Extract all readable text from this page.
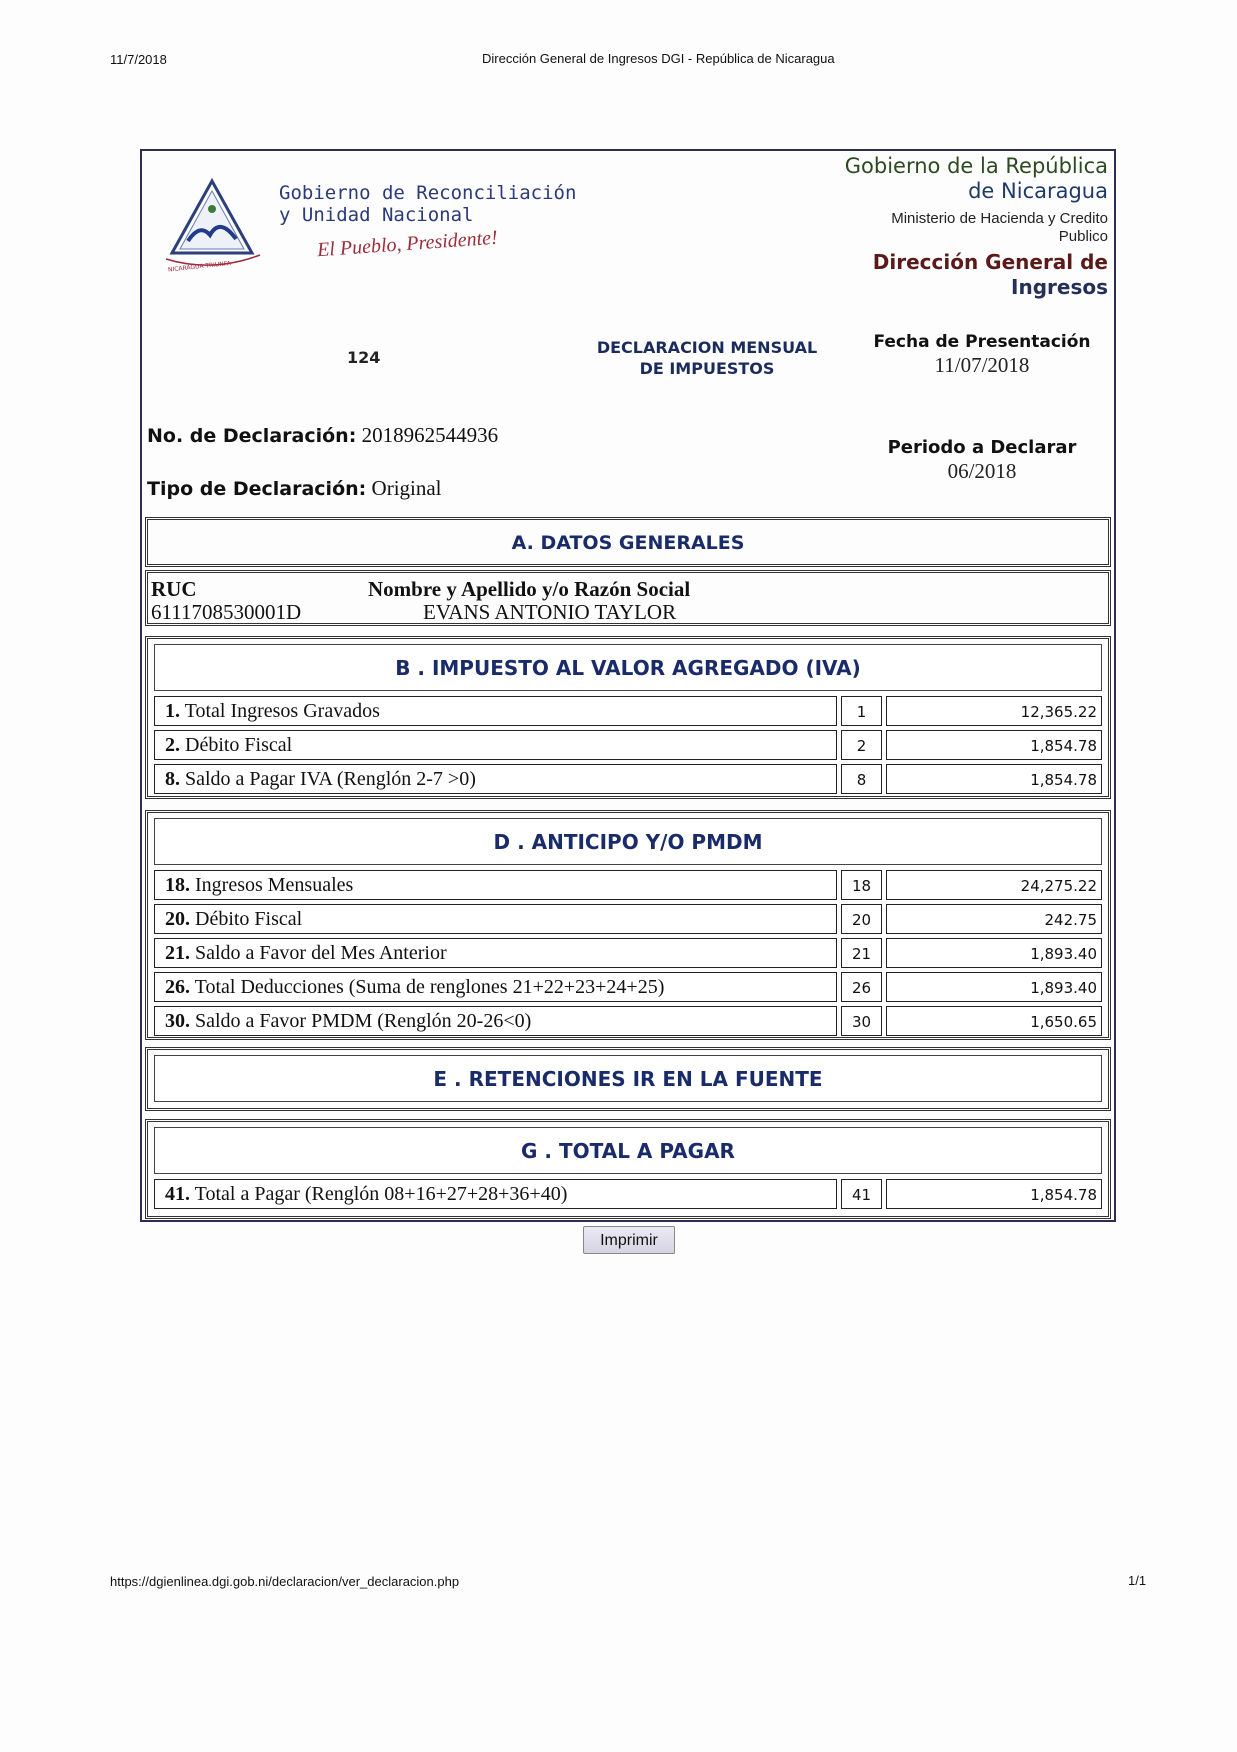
11/7/2018	Dirección General de Ingresos DGI - República de Nicaragua
NICARAGUA TRIUNFA
Gobierno de Reconciliación
y Unidad Nacional
El Pueblo, Presidente!
Gobierno de la República
de Nicaragua
Ministerio de Hacienda y Credito
Publico
Dirección General de
Ingresos
124
DECLARACION MENSUAL
DE IMPUESTOS
Fecha de Presentación
11/07/2018
No. de Declaración: 2018962544936
Periodo a Declarar
06/2018
Tipo de Declaración: Original
A. DATOS GENERALES
RUC
6111708530001D
Nombre y Apellido y/o Razón Social
EVANS ANTONIO TAYLOR
B . IMPUESTO AL VALOR AGREGADO (IVA)
1. Total Ingresos Gravados	1	12,365.22
2. Débito Fiscal	2	1,854.78
8. Saldo a Pagar IVA (Renglón 2-7 >0)	8	1,854.78
D . ANTICIPO Y/O PMDM
18. Ingresos Mensuales	18	24,275.22
20. Débito Fiscal	20	242.75
21. Saldo a Favor del Mes Anterior	21	1,893.40
26. Total Deducciones (Suma de renglones 21+22+23+24+25)	26	1,893.40
30. Saldo a Favor PMDM (Renglón 20-26<0)	30	1,650.65
E . RETENCIONES IR EN LA FUENTE
G . TOTAL A PAGAR
41. Total a Pagar (Renglón 08+16+27+28+36+40)	41	1,854.78
Imprimir
https://dgienlinea.dgi.gob.ni/declaracion/ver_declaracion.php	1/1
